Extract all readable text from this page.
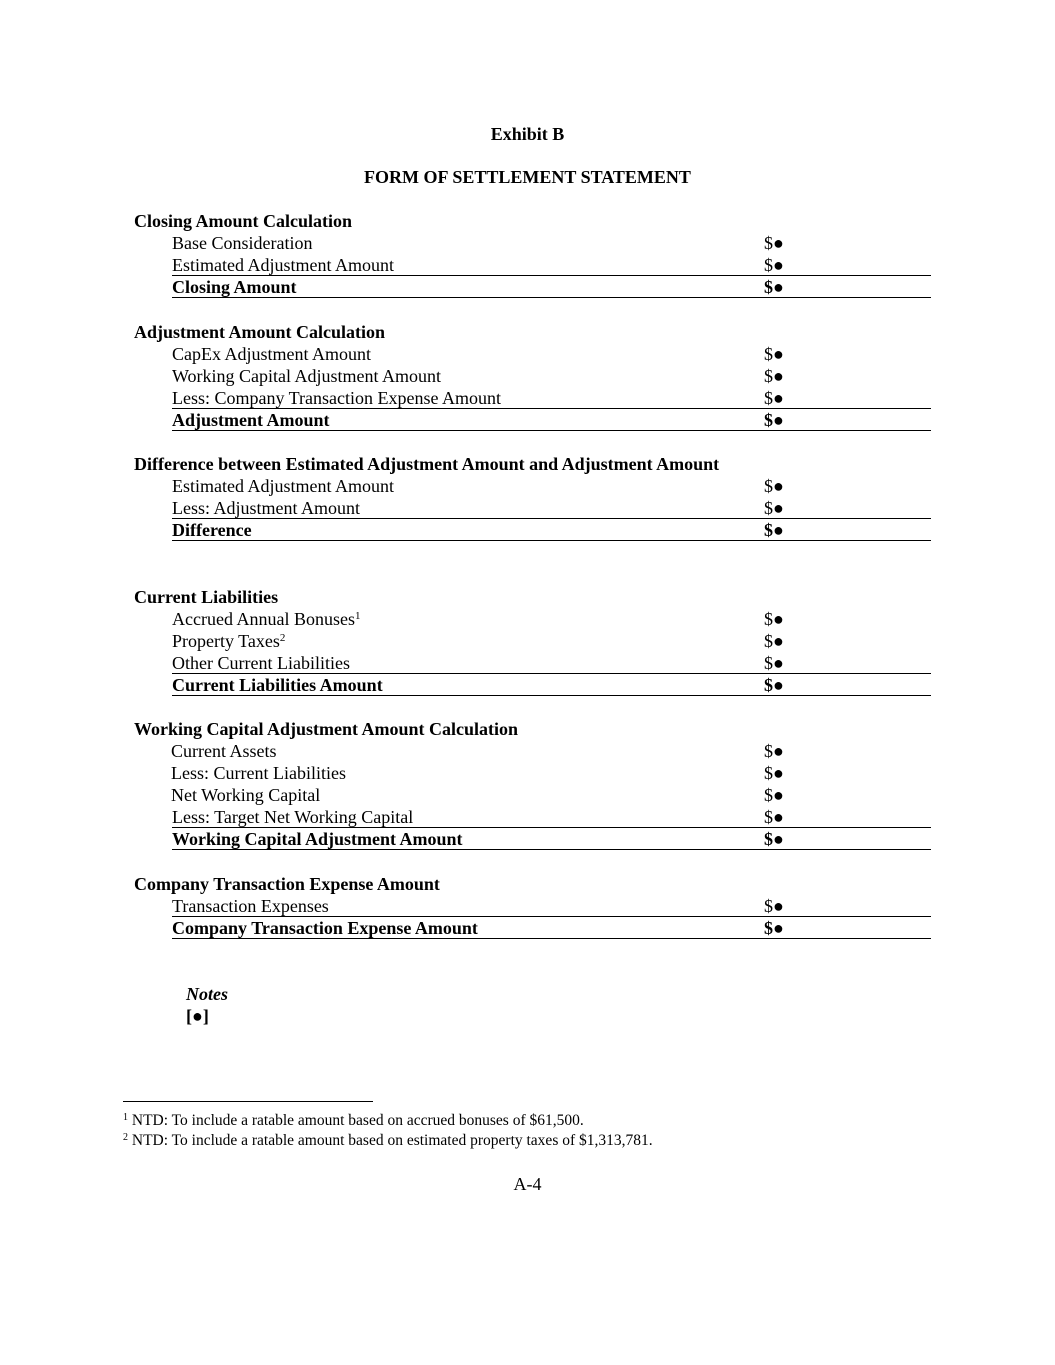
Exhibit B
FORM OF SETTLEMENT STATEMENT
Closing Amount Calculation
Base Consideration	$●
Estimated Adjustment Amount	$●
Closing Amount	$●
Adjustment Amount Calculation
CapEx Adjustment Amount	$●
Working Capital Adjustment Amount	$●
Less: Company Transaction Expense Amount	$●
Adjustment Amount	$●
Difference between Estimated Adjustment Amount and Adjustment Amount
Estimated Adjustment Amount	$●
Less: Adjustment Amount	$●
Difference	$●
Current Liabilities
Accrued Annual Bonuses$^1$	$●
Property Taxes$^2$	$●
Other Current Liabilities	$●
Current Liabilities Amount	$●
Working Capital Adjustment Amount Calculation
Current Assets	$●
Less: Current Liabilities	$●
Net Working Capital	$●
Less: Target Net Working Capital	$●
Working Capital Adjustment Amount	$●
Company Transaction Expense Amount
Transaction Expenses	$●
Company Transaction Expense Amount	$●
Notes
[●]
$^1$ NTD: To include a ratable amount based on accrued bonuses of $61,500.
$^2$ NTD: To include a ratable amount based on estimated property taxes of $1,313,781.
A-4
